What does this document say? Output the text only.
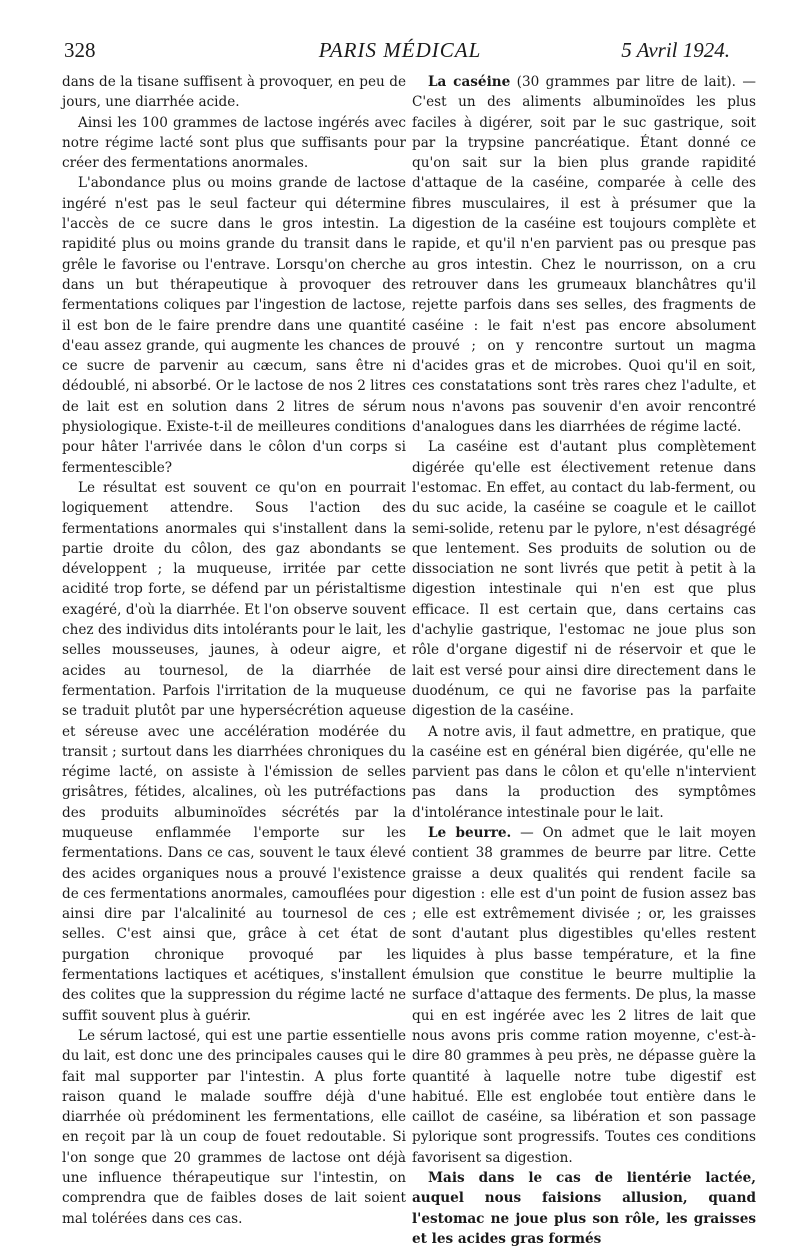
328	PARIS MÉDICAL	5 Avril 1924.

dans de la tisane suffisent à provoquer, en peu de jours, une diarrhée acide.

Ainsi les 100 grammes de lactose ingérés avec notre régime lacté sont plus que suffisants pour créer des fermentations anormales.

L'abondance plus ou moins grande de lactose ingéré n'est pas le seul facteur qui détermine l'accès de ce sucre dans le gros intestin. La rapidité plus ou moins grande du transit dans le grêle le favorise ou l'entrave. Lorsqu'on cherche dans un but thérapeutique à provoquer des fermentations coliques par l'ingestion de lactose, il est bon de le faire prendre dans une quantité d'eau assez grande, qui augmente les chances de ce sucre de parvenir au cæcum, sans être ni dédoublé, ni absorbé. Or le lactose de nos 2 litres de lait est en solution dans 2 litres de sérum physiologique. Existe-t-il de meilleures conditions pour hâter l'arrivée dans le côlon d'un corps si fermentescible?

Le résultat est souvent ce qu'on en pourrait logiquement attendre. Sous l'action des fermentations anormales qui s'installent dans la partie droite du côlon, des gaz abondants se développent ; la muqueuse, irritée par cette acidité trop forte, se défend par un péristaltisme exagéré, d'où la diarrhée. Et l'on observe souvent chez des individus dits intolérants pour le lait, les selles mousseuses, jaunes, à odeur aigre, et acides au tournesol, de la diarrhée de fermentation. Parfois l'irritation de la muqueuse se traduit plutôt par une hypersécrétion aqueuse et séreuse avec une accélération modérée du transit ; surtout dans les diarrhées chroniques du régime lacté, on assiste à l'émission de selles grisâtres, fétides, alcalines, où les putréfactions des produits albuminoïdes sécrétés par la muqueuse enflammée l'emporte sur les fermentations. Dans ce cas, souvent le taux élevé des acides organiques nous a prouvé l'existence de ces fermentations anormales, camouflées pour ainsi dire par l'alcalinité au tournesol de ces selles. C'est ainsi que, grâce à cet état de purgation chronique provoqué par les fermentations lactiques et acétiques, s'installent des colites que la suppression du régime lacté ne suffit souvent plus à guérir.

Le sérum lactosé, qui est une partie essentielle du lait, est donc une des principales causes qui le fait mal supporter par l'intestin. A plus forte raison quand le malade souffre déjà d'une diarrhée où prédominent les fermentations, elle en reçoit par là un coup de fouet redoutable. Si l'on songe que 20 grammes de lactose ont déjà une influence thérapeutique sur l'intestin, on comprendra que de faibles doses de lait soient mal tolérées dans ces cas.

La caséine (30 grammes par litre de lait). — C'est un des aliments albuminoïdes les plus faciles à digérer, soit par le suc gastrique, soit par la trypsine pancréatique. Étant donné ce qu'on sait sur la bien plus grande rapidité d'attaque de la caséine, comparée à celle des fibres musculaires, il est à présumer que la digestion de la caséine est toujours complète et rapide, et qu'il n'en parvient pas ou presque pas au gros intestin. Chez le nourrisson, on a cru retrouver dans les grumeaux blanchâtres qu'il rejette parfois dans ses selles, des fragments de caséine : le fait n'est pas encore absolument prouvé ; on y rencontre surtout un magma d'acides gras et de microbes. Quoi qu'il en soit, ces constatations sont très rares chez l'adulte, et nous n'avons pas souvenir d'en avoir rencontré d'analogues dans les diarrhées de régime lacté.

La caséine est d'autant plus complètement digérée qu'elle est électivement retenue dans l'estomac. En effet, au contact du lab-ferment, ou du suc acide, la caséine se coagule et le caillot semi-solide, retenu par le pylore, n'est désagrégé que lentement. Ses produits de solution ou de dissociation ne sont livrés que petit à petit à la digestion intestinale qui n'en est que plus efficace. Il est certain que, dans certains cas d'achylie gastrique, l'estomac ne joue plus son rôle d'organe digestif ni de réservoir et que le lait est versé pour ainsi dire directement dans le duodénum, ce qui ne favorise pas la parfaite digestion de la caséine.

A notre avis, il faut admettre, en pratique, que la caséine est en général bien digérée, qu'elle ne parvient pas dans le côlon et qu'elle n'intervient pas dans la production des symptômes d'intolérance intestinale pour le lait.

Le beurre. — On admet que le lait moyen contient 38 grammes de beurre par litre. Cette graisse a deux qualités qui rendent facile sa digestion : elle est d'un point de fusion assez bas ; elle est extrêmement divisée ; or, les graisses sont d'autant plus digestibles qu'elles restent liquides à plus basse température, et la fine émulsion que constitue le beurre multiplie la surface d'attaque des ferments. De plus, la masse qui en est ingérée avec les 2 litres de lait que nous avons pris comme ration moyenne, c'est-à-dire 80 grammes à peu près, ne dépasse guère la quantité à laquelle notre tube digestif est habitué. Elle est englobée tout entière dans le caillot de caséine, sa libération et son passage pylorique sont progressifs. Toutes ces conditions favorisent sa digestion.

Mais dans le cas de lientérie lactée, auquel nous faisions allusion, quand l'estomac ne joue plus son rôle, les graisses et les acides gras formés
